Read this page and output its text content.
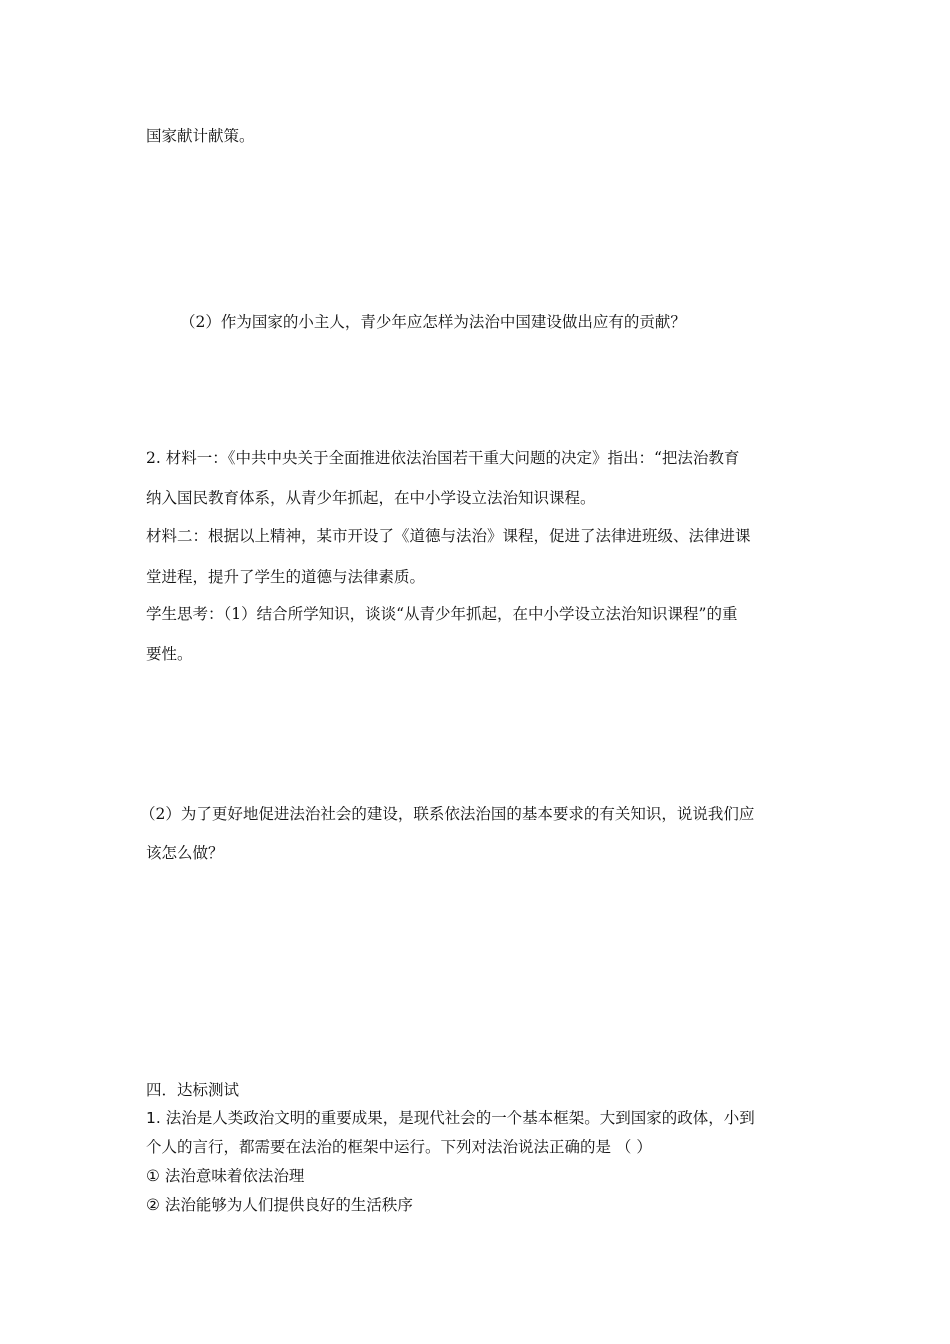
国家献计献策。
（2）作为国家的小主人，青少年应怎样为法治中国建设做出应有的贡献？
2. 材料一：《中共中央关于全面推进依法治国若干重大问题的决定》指出：“把法治教育
纳入国民教育体系，从青少年抓起，在中小学设立法治知识课程。
材料二：根据以上精神，某市开设了《道德与法治》课程，促进了法律进班级、法律进课
堂进程，提升了学生的道德与法律素质。
学生思考：（1）结合所学知识，谈谈“从青少年抓起，在中小学设立法治知识课程”的重
要性。
（2）为了更好地促进法治社会的建设，联系依法治国的基本要求的有关知识，说说我们应
该怎么做？
四．达标测试
1. 法治是人类政治文明的重要成果，是现代社会的一个基本框架。大到国家的政体，小到
个人的言行，都需要在法治的框架中运行。下列对法治说法正确的是 （ ）
① 法治意味着依法治理
② 法治能够为人们提供良好的生活秩序
